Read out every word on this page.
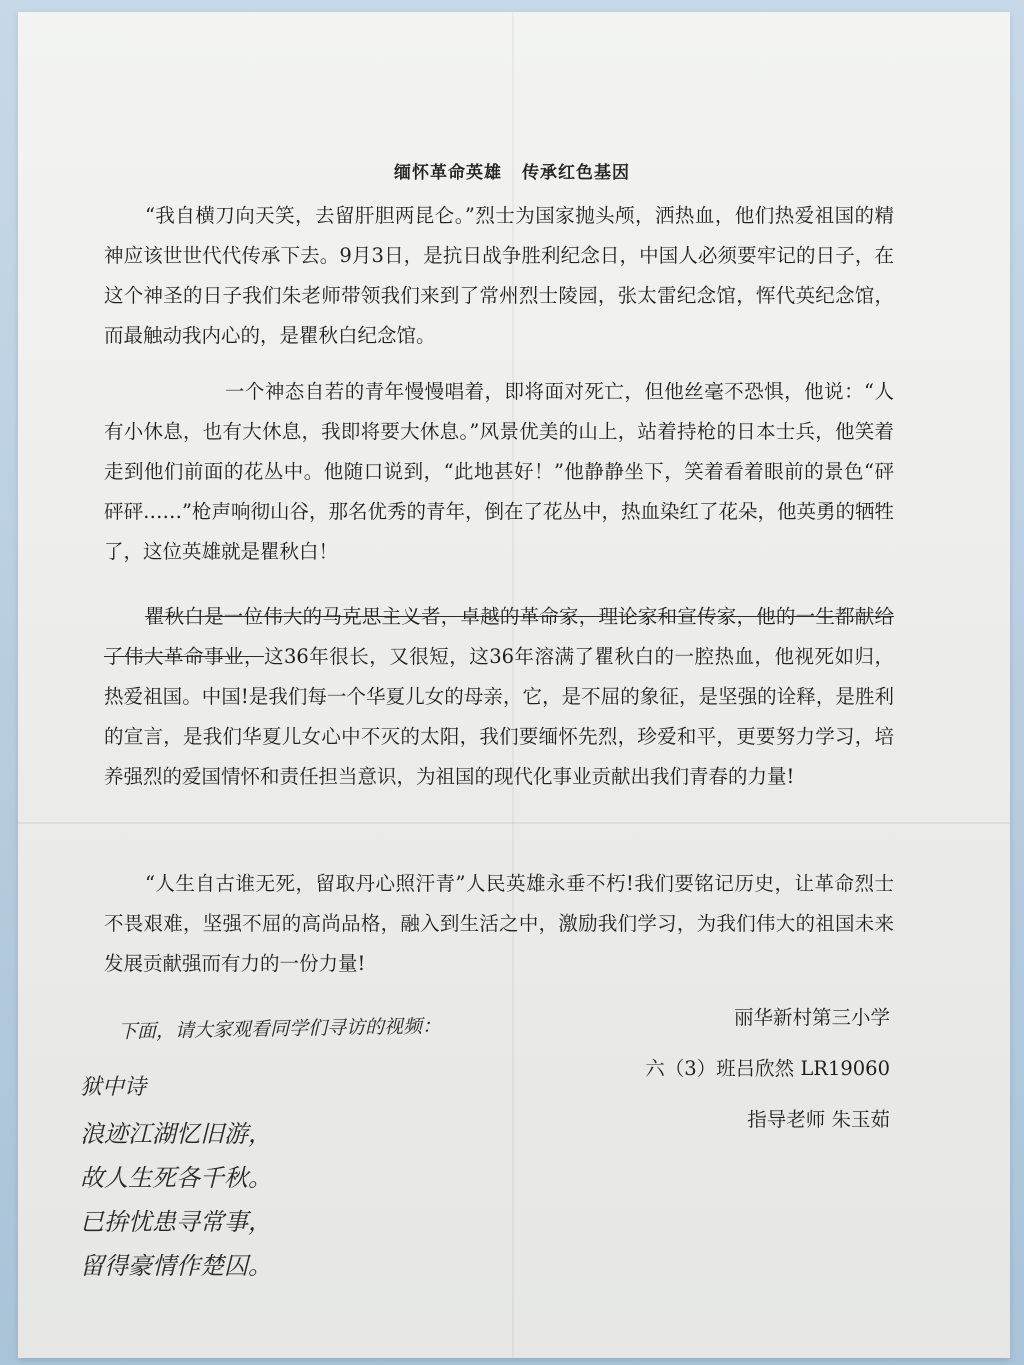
缅怀革命英雄 传承红色基因

“我自横刀向天笑，去留肝胆两昆仑。”烈士为国家抛头颅，洒热血，他们热爱祖国的精神应该世世代代传承下去。9月3日，是抗日战争胜利纪念日，中国人必须要牢记的日子，在这个神圣的日子我们朱老师带领我们来到了常州烈士陵园，张太雷纪念馆，恽代英纪念馆，而最触动我内心的，是瞿秋白纪念馆。

一个神态自若的青年慢慢唱着，即将面对死亡，但他丝毫不恐惧，他说：“人有小休息，也有大休息，我即将要大休息。”风景优美的山上，站着持枪的日本士兵，他笑着走到他们前面的花丛中。他随口说到，“此地甚好！”他静静坐下，笑着看着眼前的景色“砰砰砰……”枪声响彻山谷，那名优秀的青年，倒在了花丛中，热血染红了花朵，他英勇的牺牲了，这位英雄就是瞿秋白！

瞿秋白是一位伟大的马克思主义者，卓越的革命家，理论家和宣传家，他的一生都献给了伟大革命事业，这36年很长，又很短，这36年溶满了瞿秋白的一腔热血，他视死如归，热爱祖国。中国!是我们每一个华夏儿女的母亲，它，是不屈的象征，是坚强的诠释，是胜利的宣言，是我们华夏儿女心中不灭的太阳，我们要缅怀先烈，珍爱和平，更要努力学习，培养强烈的爱国情怀和责任担当意识，为祖国的现代化事业贡献出我们青春的力量!

“人生自古谁无死，留取丹心照汗青”人民英雄永垂不朽!我们要铭记历史，让革命烈士不畏艰难，坚强不屈的高尚品格，融入到生活之中，激励我们学习，为我们伟大的祖国未来发展贡献强而有力的一份力量!

丽华新村第三小学
六（3）班吕欣然 LR19060
指导老师 朱玉茹
下面，请大家观看同学们寻访的视频：
狱中诗
浪迹江湖忆旧游，
故人生死各千秋。
已拚忧患寻常事，
留得豪情作楚囚。
